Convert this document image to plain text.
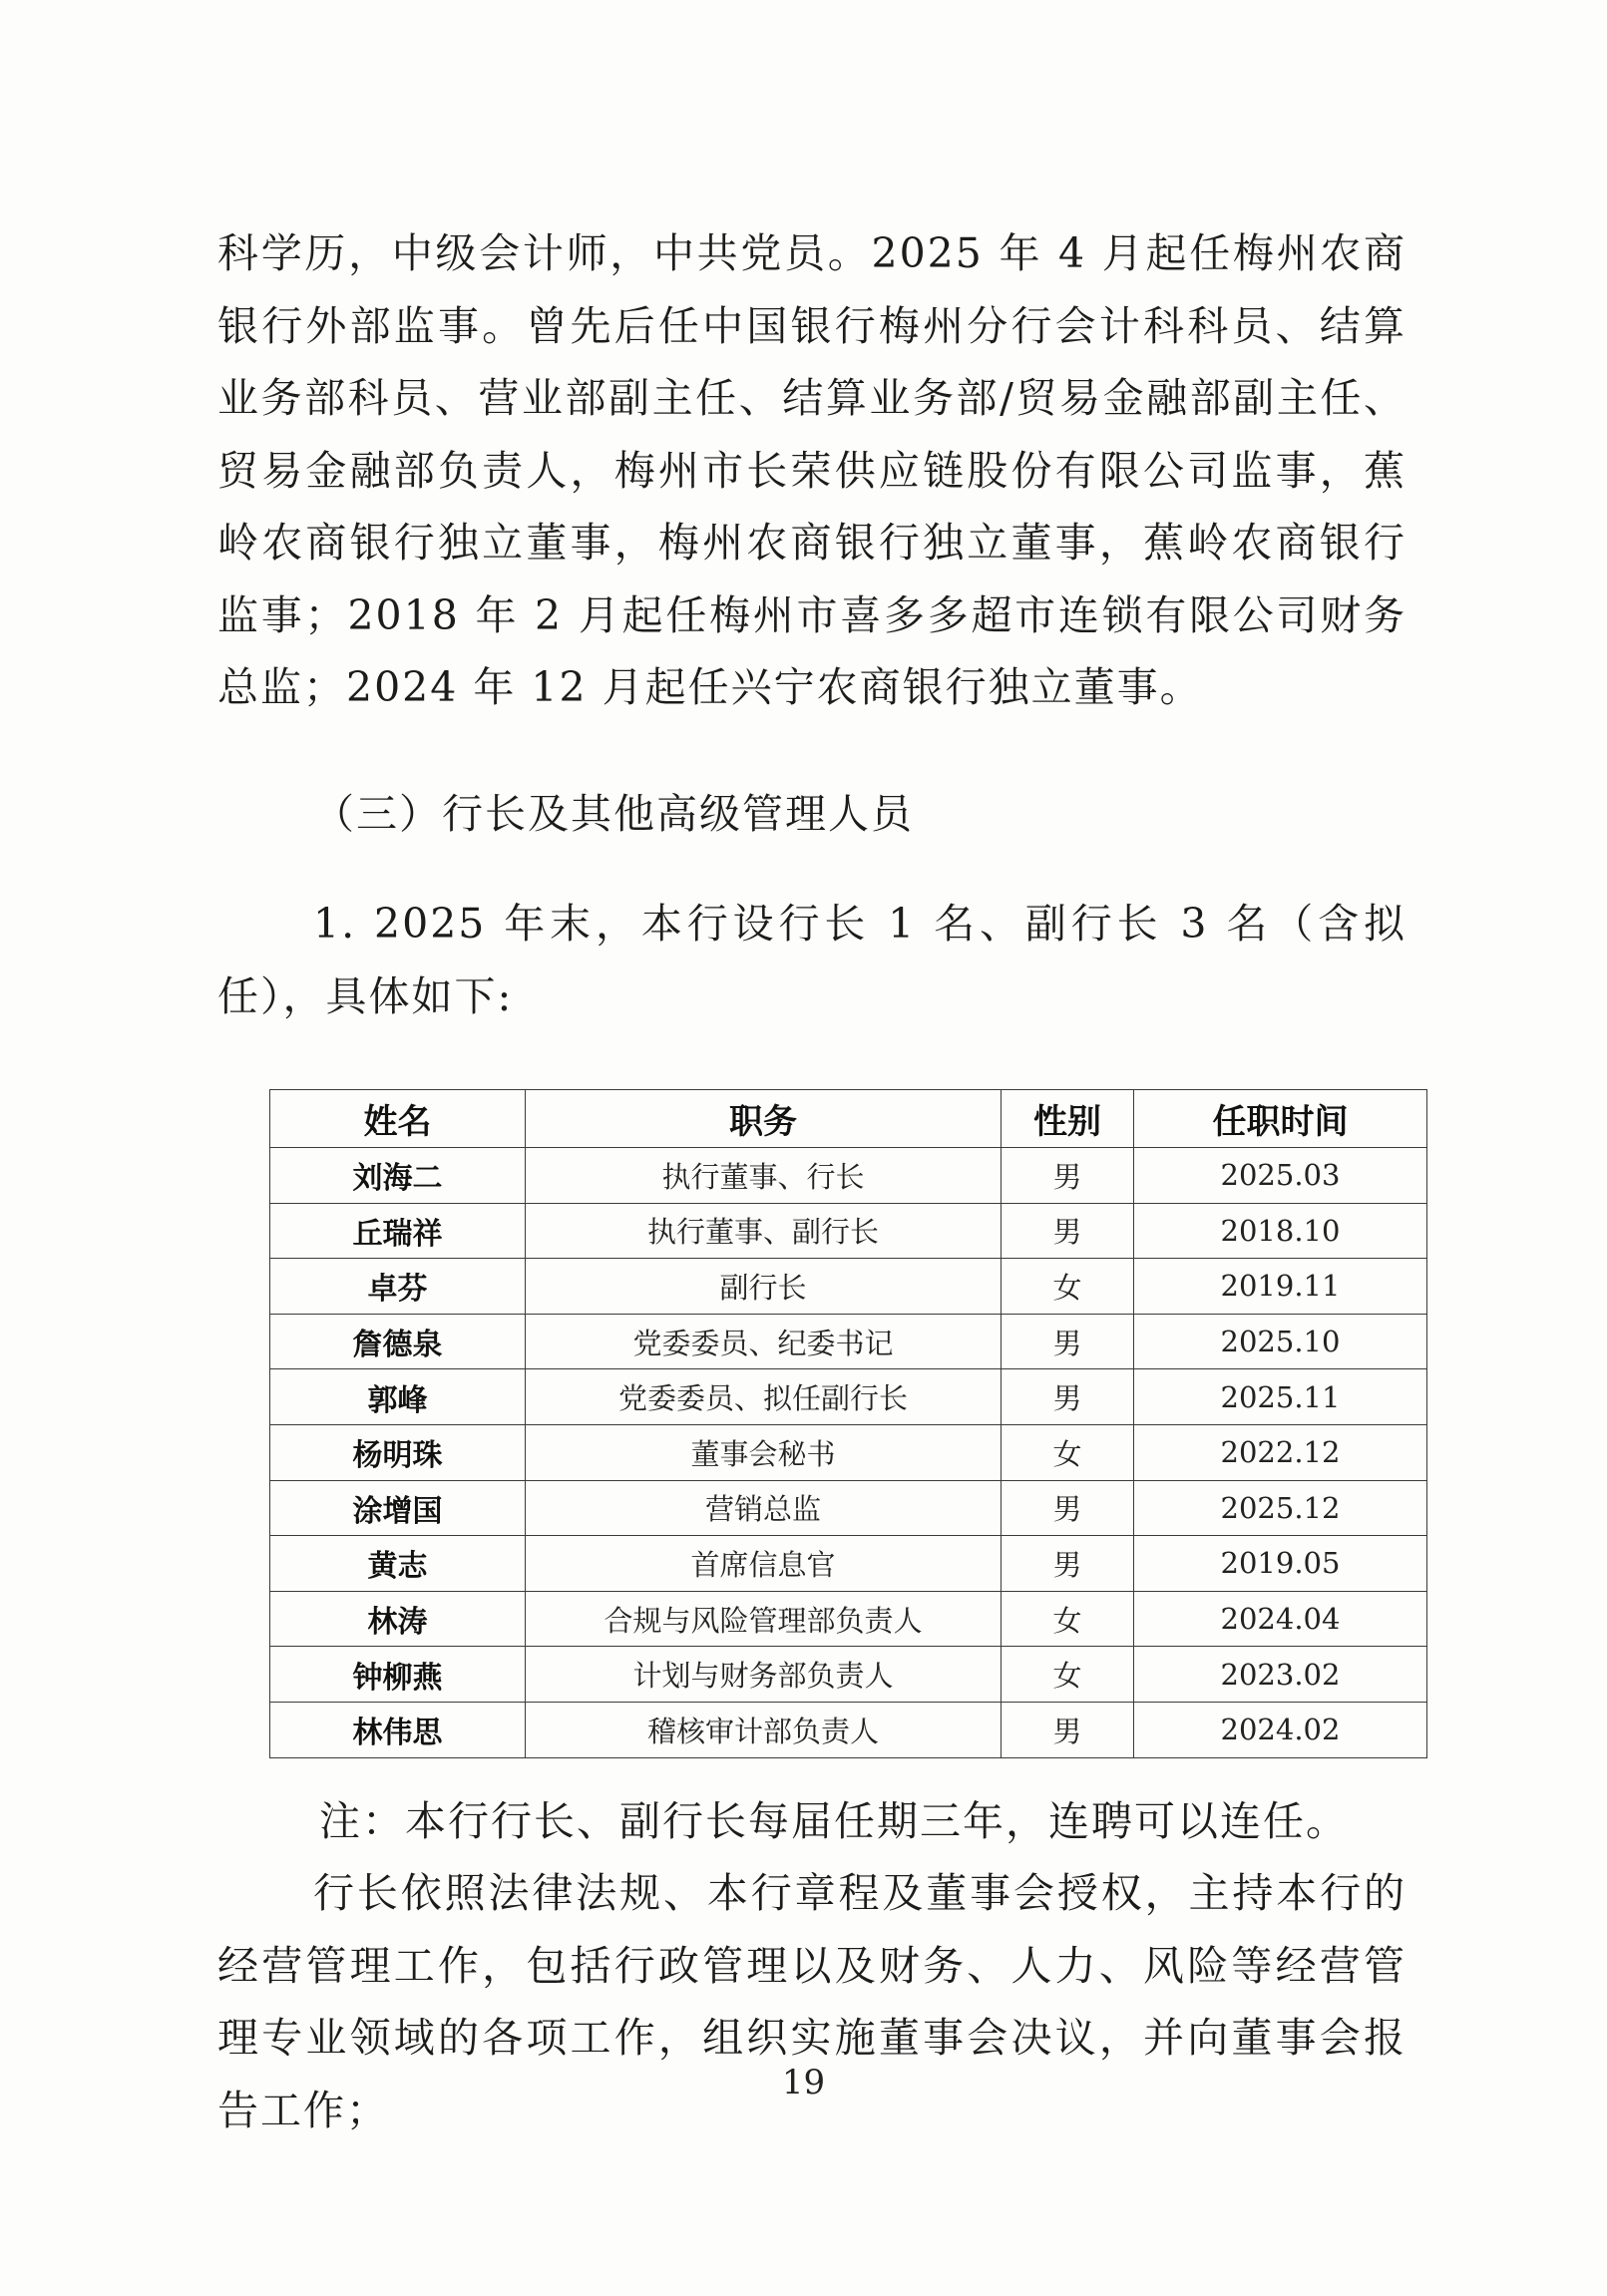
科学历，中级会计师，中共党员。2025 年 4 月起任梅州农商银行外部监事。曾先后任中国银行梅州分行会计科科员、结算业务部科员、营业部副主任、结算业务部/贸易金融部副主任、贸易金融部负责人，梅州市长荣供应链股份有限公司监事，蕉岭农商银行独立董事，梅州农商银行独立董事，蕉岭农商银行监事；2018 年 2 月起任梅州市喜多多超市连锁有限公司财务总监；2024 年 12 月起任兴宁农商银行独立董事。

（三）行长及其他高级管理人员

1. 2025 年末，本行设行长 1 名、副行长 3 名（含拟任），具体如下:

姓名	职务	性别	任职时间
刘海二	执行董事、行长	男	2025.03
丘瑞祥	执行董事、副行长	男	2018.10
卓芬	副行长	女	2019.11
詹德泉	党委委员、纪委书记	男	2025.10
郭峰	党委委员、拟任副行长	男	2025.11
杨明珠	董事会秘书	女	2022.12
涂增国	营销总监	男	2025.12
黄志	首席信息官	男	2019.05
林涛	合规与风险管理部负责人	女	2024.04
钟柳燕	计划与财务部负责人	女	2023.02
林伟思	稽核审计部负责人	男	2024.02

注：本行行长、副行长每届任期三年，连聘可以连任。

行长依照法律法规、本行章程及董事会授权，主持本行的经营管理工作，包括行政管理以及财务、人力、风险等经营管理专业领域的各项工作，组织实施董事会决议，并向董事会报告工作；

19
